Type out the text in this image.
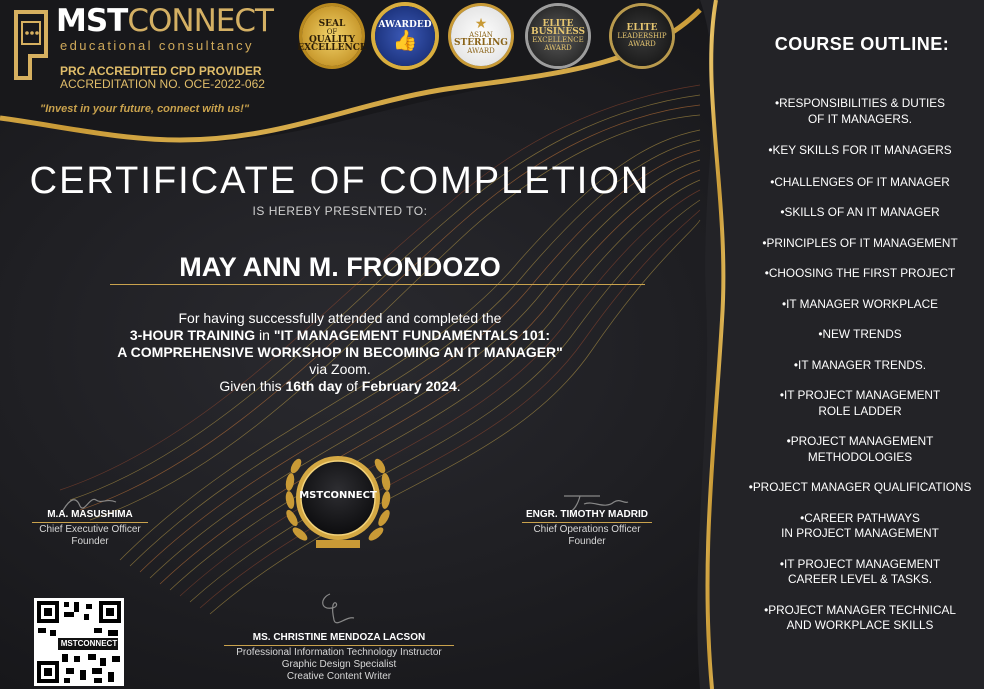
MSTCONNECT
educational consultancy
PRC ACCREDITED CPD PROVIDER
ACCREDITATION NO. OCE-2022-062
"Invest in your future, connect with us!"
SEAL
OF
QUALITY EXCELLENCE
AWARDED
👍
★
ASIAN
STERLING
AWARD
ELITE
BUSINESS
EXCELLENCE AWARD
ELITE
LEADERSHIP
AWARD
CERTIFICATE OF COMPLETION
IS HEREBY PRESENTED TO:
MAY ANN M. FRONDOZO
For having successfully attended and completed the
3-HOUR TRAINING in "IT MANAGEMENT FUNDAMENTALS 101:
A COMPREHENSIVE WORKSHOP IN BECOMING AN IT MANAGER"
via Zoom.
Given this 16th day of February 2024.
MSTCONNECT
M.A. MASUSHIMA
Chief Executive Officer
Founder
ENGR. TIMOTHY MADRID
Chief Operations Officer
Founder
MS. CHRISTINE MENDOZA LACSON
Professional Information Technology Instructor
Graphic Design Specialist
Creative Content Writer
MSTCONNECT
COURSE OUTLINE:
•RESPONSIBILITIES & DUTIES
OF IT MANAGERS.
•KEY SKILLS FOR IT MANAGERS
•CHALLENGES OF IT MANAGER
•SKILLS OF AN IT MANAGER
•PRINCIPLES OF IT MANAGEMENT
•CHOOSING THE FIRST PROJECT
•IT MANAGER WORKPLACE
•NEW TRENDS
•IT MANAGER TRENDS.
•IT PROJECT MANAGEMENT
ROLE LADDER
•PROJECT MANAGEMENT
METHODOLOGIES
•PROJECT MANAGER QUALIFICATIONS
•CAREER PATHWAYS
IN PROJECT MANAGEMENT
•IT PROJECT MANAGEMENT
CAREER LEVEL & TASKS.
•PROJECT MANAGER TECHNICAL
AND WORKPLACE SKILLS
